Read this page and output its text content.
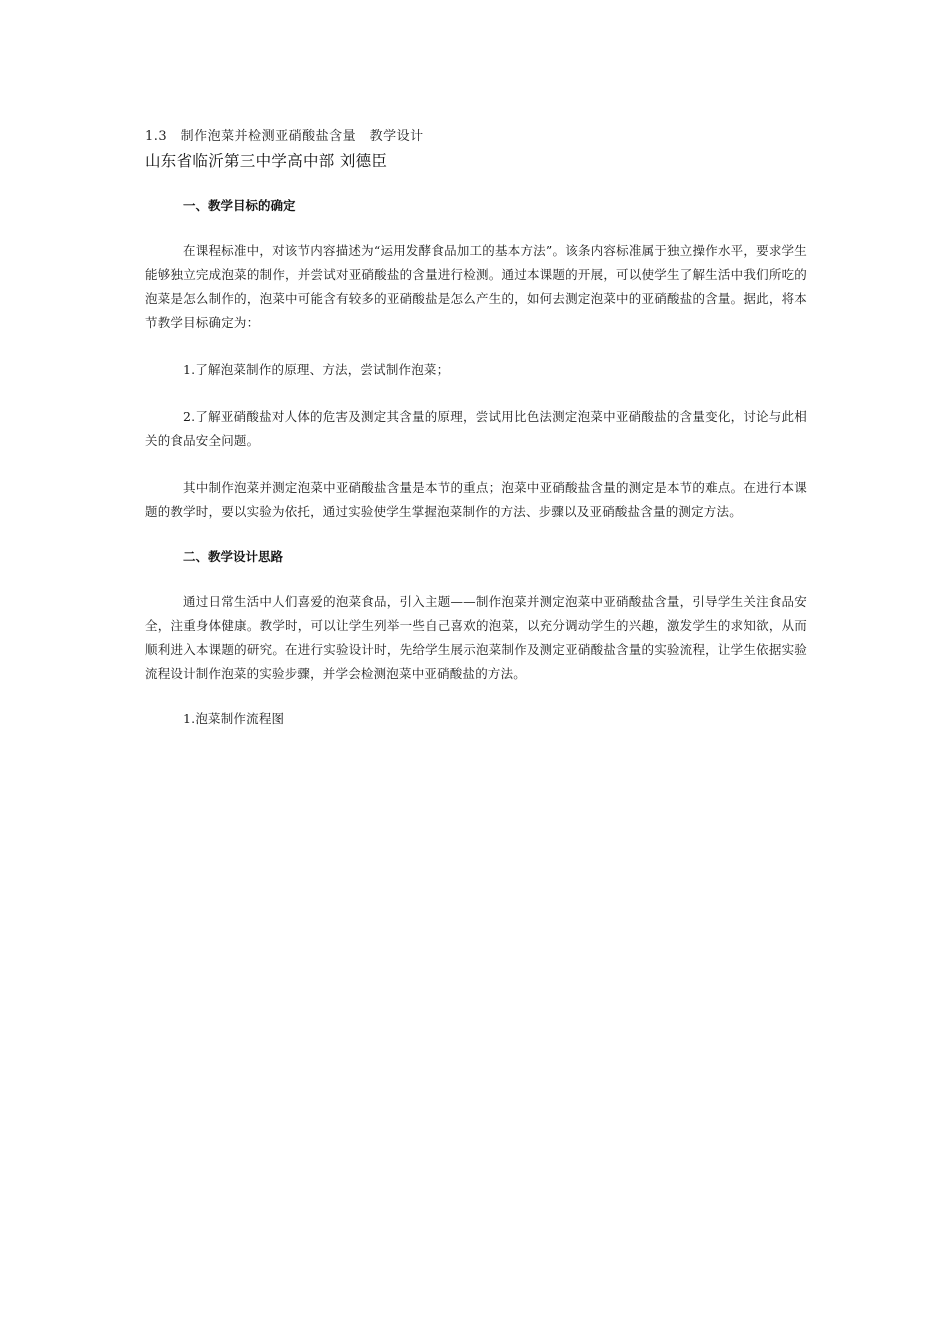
1.3　制作泡菜并检测亚硝酸盐含量　教学设计

山东省临沂第三中学高中部 刘德臣

一、教学目标的确定

在课程标准中，对该节内容描述为“运用发酵食品加工的基本方法”。该条内容标准属于独立操作水平，要求学生能够独立完成泡菜的制作，并尝试对亚硝酸盐的含量进行检测。通过本课题的开展，可以使学生了解生活中我们所吃的泡菜是怎么制作的，泡菜中可能含有较多的亚硝酸盐是怎么产生的，如何去测定泡菜中的亚硝酸盐的含量。据此，将本节教学目标确定为：

1.了解泡菜制作的原理、方法，尝试制作泡菜；

2.了解亚硝酸盐对人体的危害及测定其含量的原理，尝试用比色法测定泡菜中亚硝酸盐的含量变化，讨论与此相关的食品安全问题。

其中制作泡菜并测定泡菜中亚硝酸盐含量是本节的重点；泡菜中亚硝酸盐含量的测定是本节的难点。在进行本课题的教学时，要以实验为依托，通过实验使学生掌握泡菜制作的方法、步骤以及亚硝酸盐含量的测定方法。

二、教学设计思路

通过日常生活中人们喜爱的泡菜食品，引入主题——制作泡菜并测定泡菜中亚硝酸盐含量，引导学生关注食品安全，注重身体健康。教学时，可以让学生列举一些自己喜欢的泡菜，以充分调动学生的兴趣，激发学生的求知欲，从而顺利进入本课题的研究。在进行实验设计时，先给学生展示泡菜制作及测定亚硝酸盐含量的实验流程，让学生依据实验流程设计制作泡菜的实验步骤，并学会检测泡菜中亚硝酸盐的方法。

1.泡菜制作流程图
